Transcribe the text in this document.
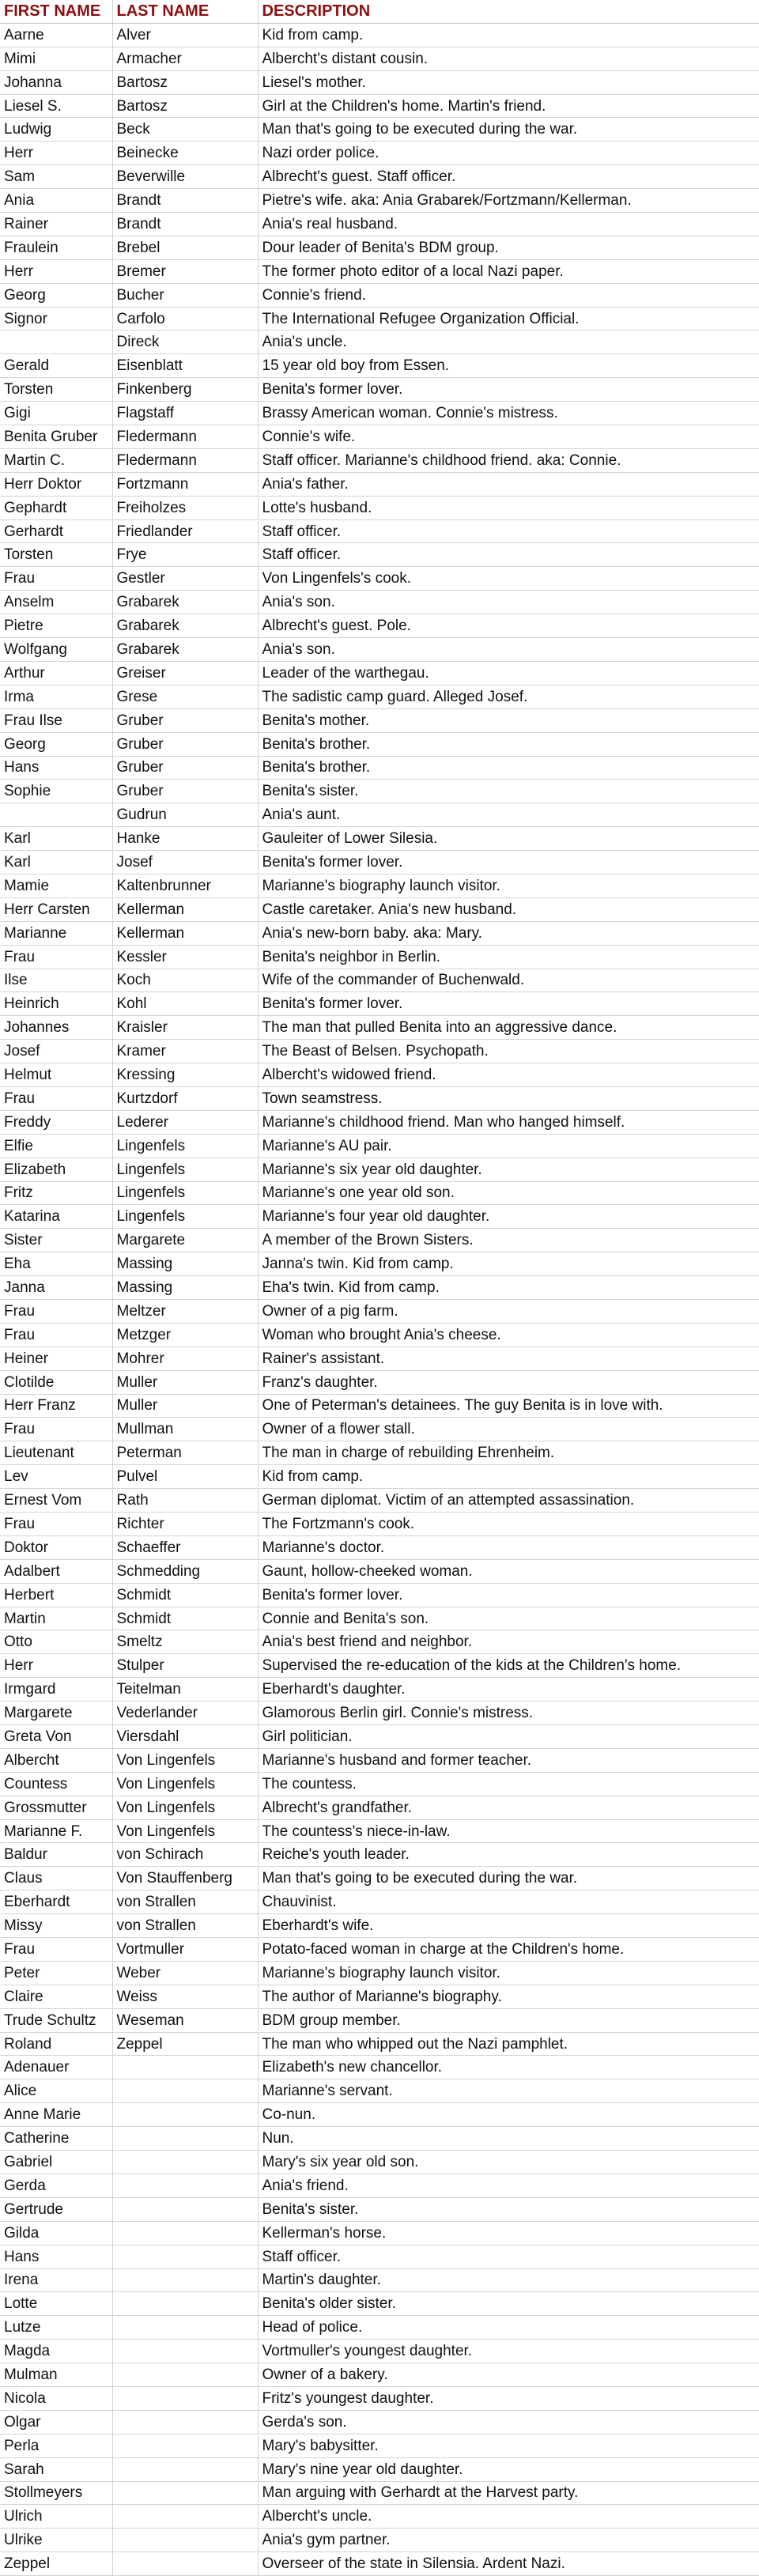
FIRST NAME	LAST NAME	DESCRIPTION
Aarne	Alver	Kid from camp.
Mimi	Armacher	Albercht's distant cousin.
Johanna	Bartosz	Liesel's mother.
Liesel S.	Bartosz	Girl at the Children's home. Martin's friend.
Ludwig	Beck	Man that's going to be executed during the war.
Herr	Beinecke	Nazi order police.
Sam	Beverwille	Albrecht's guest. Staff officer.
Ania	Brandt	Pietre's wife. aka: Ania Grabarek/Fortzmann/Kellerman.
Rainer	Brandt	Ania's real husband.
Fraulein	Brebel	Dour leader of Benita's BDM group.
Herr	Bremer	The former photo editor of a local Nazi paper.
Georg	Bucher	Connie's friend.
Signor	Carfolo	The International Refugee Organization Official.
	Direck	Ania's uncle.
Gerald	Eisenblatt	15 year old boy from Essen.
Torsten	Finkenberg	Benita's former lover.
Gigi	Flagstaff	Brassy American woman. Connie's mistress.
Benita Gruber	Fledermann	Connie's wife.
Martin C.	Fledermann	Staff officer. Marianne's childhood friend. aka: Connie.
Herr Doktor	Fortzmann	Ania's father.
Gephardt	Freiholzes	Lotte's husband.
Gerhardt	Friedlander	Staff officer.
Torsten	Frye	Staff officer.
Frau	Gestler	Von Lingenfels's cook.
Anselm	Grabarek	Ania's son.
Pietre	Grabarek	Albrecht's guest. Pole.
Wolfgang	Grabarek	Ania's son.
Arthur	Greiser	Leader of the warthegau.
Irma	Grese	The sadistic camp guard. Alleged Josef.
Frau Ilse	Gruber	Benita's mother.
Georg	Gruber	Benita's brother.
Hans	Gruber	Benita's brother.
Sophie	Gruber	Benita's sister.
	Gudrun	Ania's aunt.
Karl	Hanke	Gauleiter of Lower Silesia.
Karl	Josef	Benita's former lover.
Mamie	Kaltenbrunner	Marianne's biography launch visitor.
Herr Carsten	Kellerman	Castle caretaker. Ania's new husband.
Marianne	Kellerman	Ania's new-born baby. aka: Mary.
Frau	Kessler	Benita's neighbor in Berlin.
Ilse	Koch	Wife of the commander of Buchenwald.
Heinrich	Kohl	Benita's former lover.
Johannes	Kraisler	The man that pulled Benita into an aggressive dance.
Josef	Kramer	The Beast of Belsen. Psychopath.
Helmut	Kressing	Albercht's widowed friend.
Frau	Kurtzdorf	Town seamstress.
Freddy	Lederer	Marianne's childhood friend. Man who hanged himself.
Elfie	Lingenfels	Marianne's AU pair.
Elizabeth	Lingenfels	Marianne's six year old daughter.
Fritz	Lingenfels	Marianne's one year old son.
Katarina	Lingenfels	Marianne's four year old daughter.
Sister	Margarete	A member of the Brown Sisters.
Eha	Massing	Janna's twin. Kid from camp.
Janna	Massing	Eha's twin. Kid from camp.
Frau	Meltzer	Owner of a pig farm.
Frau	Metzger	Woman who brought Ania's cheese.
Heiner	Mohrer	Rainer's assistant.
Clotilde	Muller	Franz's daughter.
Herr Franz	Muller	One of Peterman's detainees. The guy Benita is in love with.
Frau	Mullman	Owner of a flower stall.
Lieutenant	Peterman	The man in charge of rebuilding Ehrenheim.
Lev	Pulvel	Kid from camp.
Ernest Vom	Rath	German diplomat. Victim of an attempted assassination.
Frau	Richter	The Fortzmann's cook.
Doktor	Schaeffer	Marianne's doctor.
Adalbert	Schmedding	Gaunt, hollow-cheeked woman.
Herbert	Schmidt	Benita's former lover.
Martin	Schmidt	Connie and Benita's son.
Otto	Smeltz	Ania's best friend and neighbor.
Herr	Stulper	Supervised the re-education of the kids at the Children's home.
Irmgard	Teitelman	Eberhardt's daughter.
Margarete	Vederlander	Glamorous Berlin girl. Connie's mistress.
Greta Von	Viersdahl	Girl politician.
Albercht	Von Lingenfels	Marianne's husband and former teacher.
Countess	Von Lingenfels	The countess.
Grossmutter	Von Lingenfels	Albrecht's grandfather.
Marianne F.	Von Lingenfels	The countess's niece-in-law.
Baldur	von Schirach	Reiche's youth leader.
Claus	Von Stauffenberg	Man that's going to be executed during the war.
Eberhardt	von Strallen	Chauvinist.
Missy	von Strallen	Eberhardt's wife.
Frau	Vortmuller	Potato-faced woman in charge at the Children's home.
Peter	Weber	Marianne's biography launch visitor.
Claire	Weiss	The author of Marianne's biography.
Trude Schultz	Weseman	BDM group member.
Roland	Zeppel	The man who whipped out the Nazi pamphlet.
Adenauer		Elizabeth's new chancellor.
Alice		Marianne's servant.
Anne Marie		Co-nun.
Catherine		Nun.
Gabriel		Mary's six year old son.
Gerda		Ania's friend.
Gertrude		Benita's sister.
Gilda		Kellerman's horse.
Hans		Staff officer.
Irena		Martin's daughter.
Lotte		Benita's older sister.
Lutze		Head of police.
Magda		Vortmuller's youngest daughter.
Mulman		Owner of a bakery.
Nicola		Fritz's youngest daughter.
Olgar		Gerda's son.
Perla		Mary's babysitter.
Sarah		Mary's nine year old daughter.
Stollmeyers		Man arguing with Gerhardt at the Harvest party.
Ulrich		Albercht's uncle.
Ulrike		Ania's gym partner.
Zeppel		Overseer of the state in Silensia. Ardent Nazi.
